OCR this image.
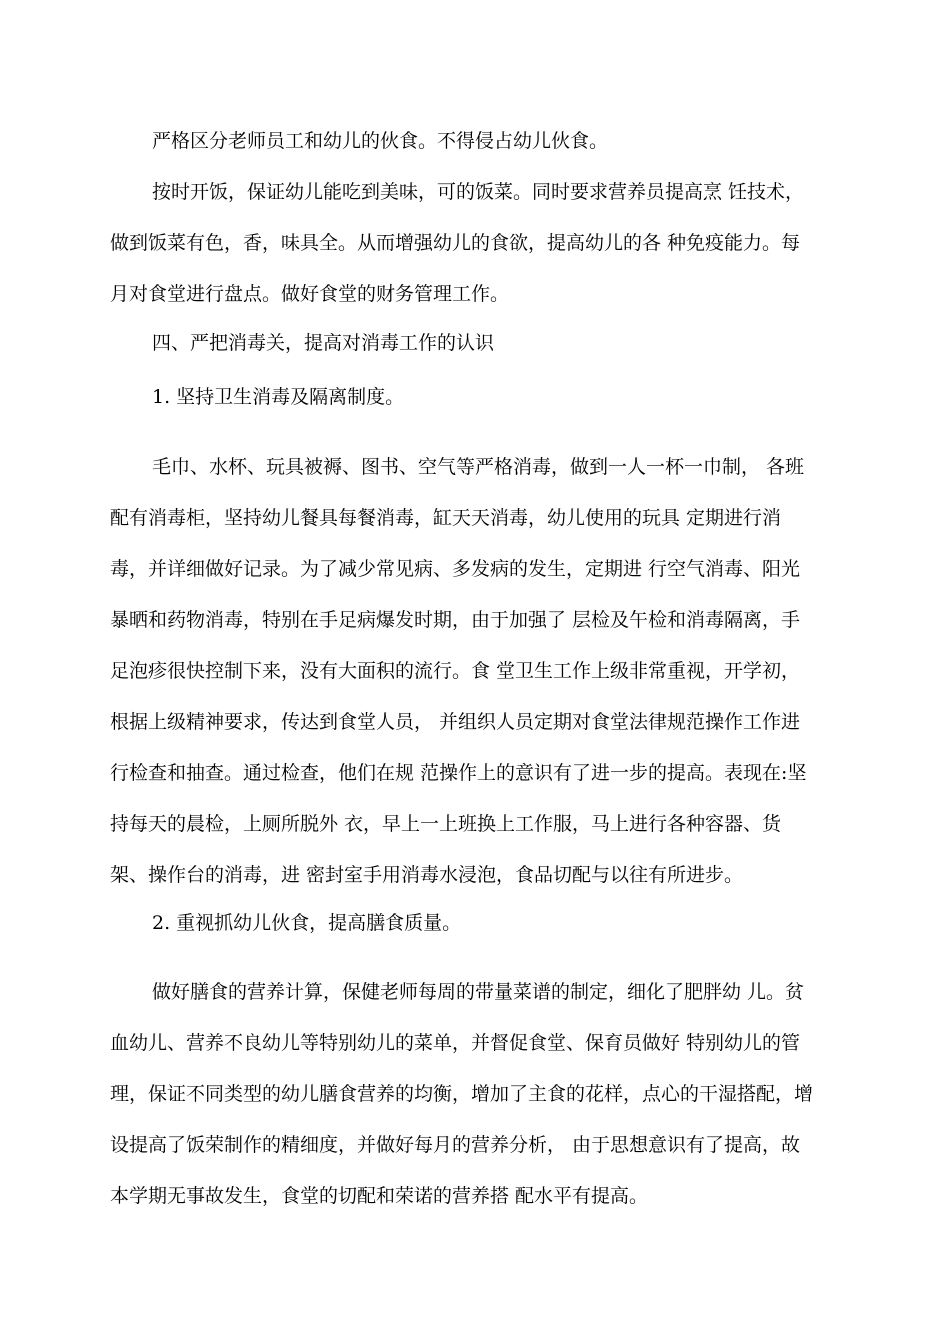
严格区分老师员工和幼儿的伙食。不得侵占幼儿伙食。

按时开饭，保证幼儿能吃到美味，可的饭菜。同时要求营养员提高烹 饪技术，
做到饭菜有色，香，味具全。从而增强幼儿的食欲，提高幼儿的各 种免疫能力。每
月对食堂进行盘点。做好食堂的财务管理工作。

四、严把消毒关，提高对消毒工作的认识

1. 坚持卫生消毒及隔离制度。

毛巾、水杯、玩具被褥、图书、空气等严格消毒，做到一人一杯一巾制， 各班
配有消毒柜，坚持幼儿餐具每餐消毒，缸天天消毒，幼儿使用的玩具 定期进行消
毒，并详细做好记录。为了减少常见病、多发病的发生，定期进 行空气消毒、阳光
暴晒和药物消毒，特别在手足病爆发时期，由于加强了 层检及午检和消毒隔离，手
足泡疹很快控制下来，没有大面积的流行。食 堂卫生工作上级非常重视，开学初，
根据上级精神要求，传达到食堂人员， 并组织人员定期对食堂法律规范操作工作进
行检查和抽查。通过检查，他们在规 范操作上的意识有了进一步的提高。表现在:坚
持每天的晨检，上厕所脱外 衣，早上一上班换上工作服，马上进行各种容器、货
架、操作台的消毒，进 密封室手用消毒水浸泡，食品切配与以往有所进步。

2. 重视抓幼儿伙食，提高膳食质量。

做好膳食的营养计算，保健老师每周的带量菜谱的制定，细化了肥胖幼 儿。贫
血幼儿、营养不良幼儿等特别幼儿的菜单，并督促食堂、保育员做好 特别幼儿的管
理，保证不同类型的幼儿膳食营养的均衡，增加了主食的花样，点心的干湿搭配，增
设提高了饭荣制作的精细度，并做好每月的营养分析， 由于思想意识有了提高，故
本学期无事故发生，食堂的切配和荣诺的营养搭 配水平有提高。
